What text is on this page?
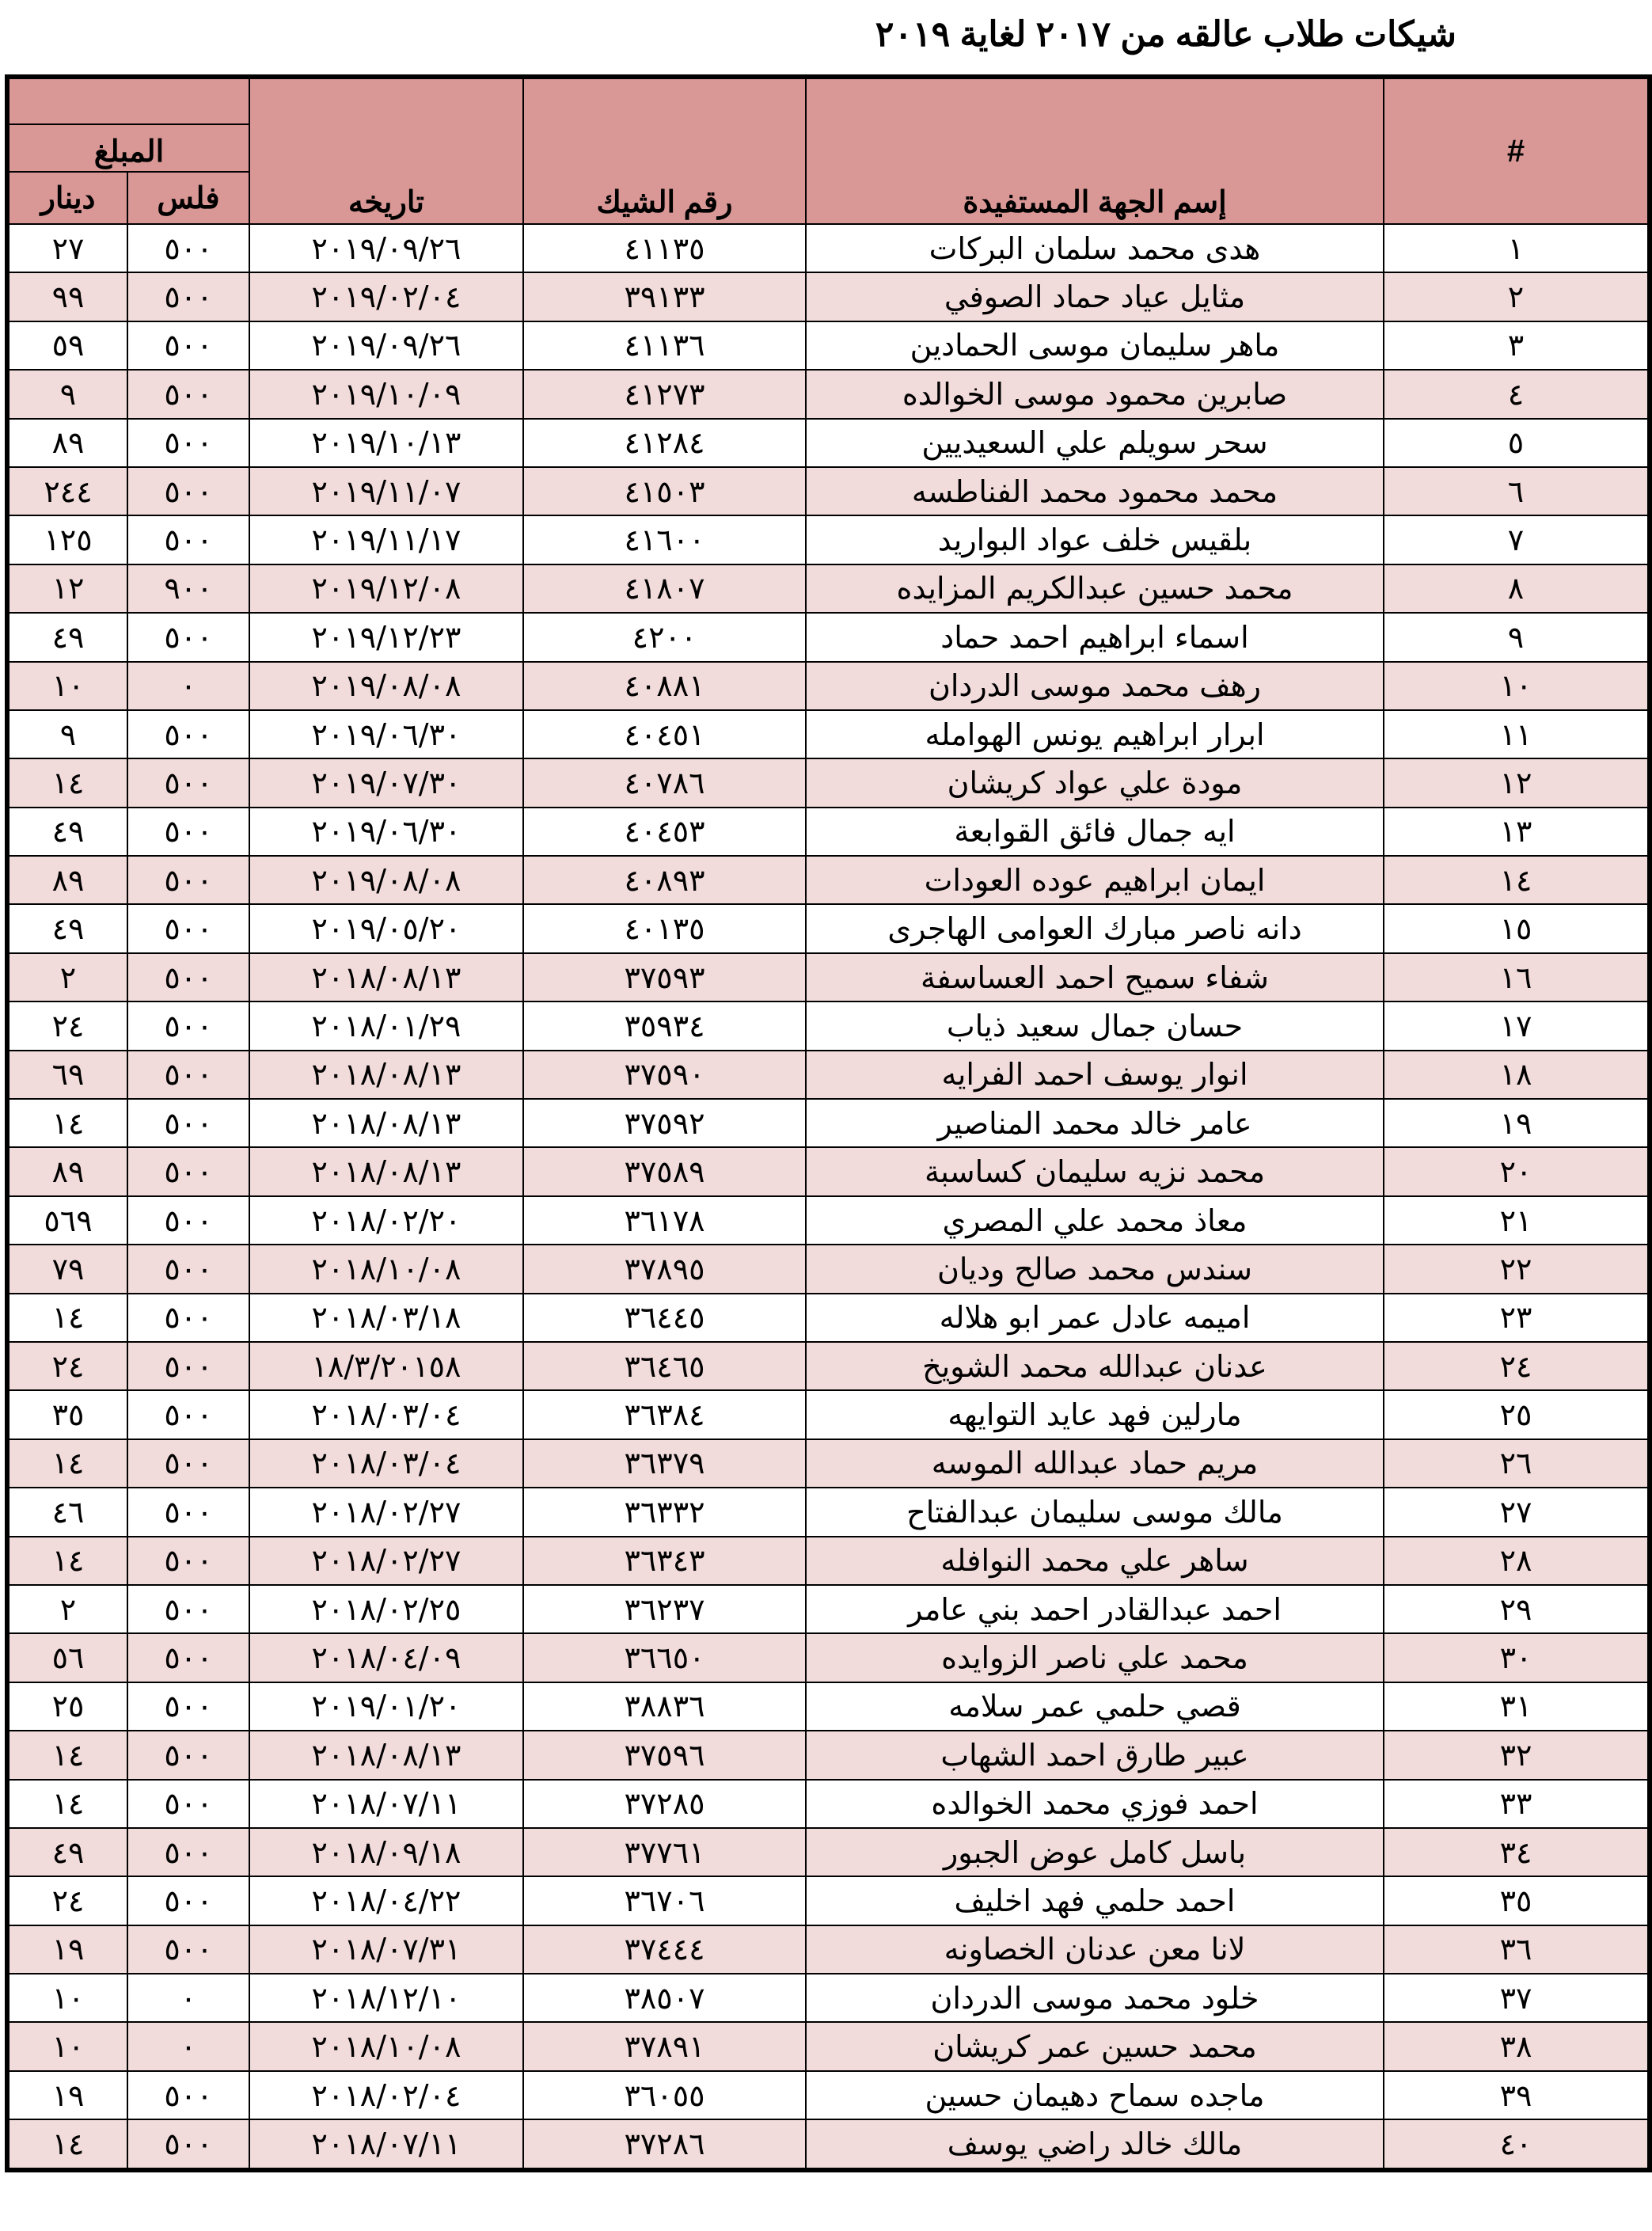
شيكات طلاب عالقه من ٢٠١٧ لغاية ٢٠١٩
		تاريخه	رقم الشيك	إسم الجهة المستفيدة	#
المبلغ					
دينار	فلس				
٢٧	٥٠٠	٢٠١٩/٠٩/٢٦	٤١١٣٥	هدى محمد سلمان البركات	١
٩٩	٥٠٠	٢٠١٩/٠٢/٠٤	٣٩١٣٣	مثايل عياد حماد الصوفي	٢
٥٩	٥٠٠	٢٠١٩/٠٩/٢٦	٤١١٣٦	ماهر سليمان موسى الحمادين	٣
٩	٥٠٠	٢٠١٩/١٠/٠٩	٤١٢٧٣	صابرين محمود موسى الخوالده	٤
٨٩	٥٠٠	٢٠١٩/١٠/١٣	٤١٢٨٤	سحر سويلم علي السعيديين	٥
٢٤٤	٥٠٠	٢٠١٩/١١/٠٧	٤١٥٠٣	محمد محمود محمد الفناطسه	٦
١٢٥	٥٠٠	٢٠١٩/١١/١٧	٤١٦٠٠	بلقيس خلف عواد البواريد	٧
١٢	٩٠٠	٢٠١٩/١٢/٠٨	٤١٨٠٧	محمد حسين عبدالكريم المزايده	٨
٤٩	٥٠٠	٢٠١٩/١٢/٢٣	٤٢٠٠	اسماء ابراهيم احمد حماد	٩
١٠	٠	٢٠١٩/٠٨/٠٨	٤٠٨٨١	رهف محمد موسى الدردان	١٠
٩	٥٠٠	٢٠١٩/٠٦/٣٠	٤٠٤٥١	ابرار ابراهيم يونس الهوامله	١١
١٤	٥٠٠	٢٠١٩/٠٧/٣٠	٤٠٧٨٦	مودة علي عواد كريشان	١٢
٤٩	٥٠٠	٢٠١٩/٠٦/٣٠	٤٠٤٥٣	ايه جمال فائق القوابعة	١٣
٨٩	٥٠٠	٢٠١٩/٠٨/٠٨	٤٠٨٩٣	ايمان ابراهيم عوده العودات	١٤
٤٩	٥٠٠	٢٠١٩/٠٥/٢٠	٤٠١٣٥	دانه ناصر مبارك العوامى الهاجرى	١٥
٢	٥٠٠	٢٠١٨/٠٨/١٣	٣٧٥٩٣	شفاء سميح احمد العساسفة	١٦
٢٤	٥٠٠	٢٠١٨/٠١/٢٩	٣٥٩٣٤	حسان جمال سعيد ذياب	١٧
٦٩	٥٠٠	٢٠١٨/٠٨/١٣	٣٧٥٩٠	انوار يوسف احمد الفرايه	١٨
١٤	٥٠٠	٢٠١٨/٠٨/١٣	٣٧٥٩٢	عامر خالد محمد المناصير	١٩
٨٩	٥٠٠	٢٠١٨/٠٨/١٣	٣٧٥٨٩	محمد نزيه سليمان كساسبة	٢٠
٥٦٩	٥٠٠	٢٠١٨/٠٢/٢٠	٣٦١٧٨	معاذ محمد علي المصري	٢١
٧٩	٥٠٠	٢٠١٨/١٠/٠٨	٣٧٨٩٥	سندس محمد صالح وديان	٢٢
١٤	٥٠٠	٢٠١٨/٠٣/١٨	٣٦٤٤٥	اميمه عادل عمر ابو هلاله	٢٣
٢٤	٥٠٠	١٨/٣/٢٠١٥٨	٣٦٤٦٥	عدنان عبدالله محمد الشويخ	٢٤
٣٥	٥٠٠	٢٠١٨/٠٣/٠٤	٣٦٣٨٤	مارلين فهد عايد التوايهه	٢٥
١٤	٥٠٠	٢٠١٨/٠٣/٠٤	٣٦٣٧٩	مريم حماد عبدالله الموسه	٢٦
٤٦	٥٠٠	٢٠١٨/٠٢/٢٧	٣٦٣٣٢	مالك موسى سليمان عبدالفتاح	٢٧
١٤	٥٠٠	٢٠١٨/٠٢/٢٧	٣٦٣٤٣	ساهر علي محمد النوافله	٢٨
٢	٥٠٠	٢٠١٨/٠٢/٢٥	٣٦٢٣٧	احمد عبدالقادر احمد بني عامر	٢٩
٥٦	٥٠٠	٢٠١٨/٠٤/٠٩	٣٦٦٥٠	محمد علي ناصر الزوايده	٣٠
٢٥	٥٠٠	٢٠١٩/٠١/٢٠	٣٨٨٣٦	قصي حلمي عمر سلامه	٣١
١٤	٥٠٠	٢٠١٨/٠٨/١٣	٣٧٥٩٦	عبير طارق احمد الشهاب	٣٢
١٤	٥٠٠	٢٠١٨/٠٧/١١	٣٧٢٨٥	احمد فوزي محمد الخوالده	٣٣
٤٩	٥٠٠	٢٠١٨/٠٩/١٨	٣٧٧٦١	باسل كامل عوض الجبور	٣٤
٢٤	٥٠٠	٢٠١٨/٠٤/٢٢	٣٦٧٠٦	احمد حلمي فهد اخليف	٣٥
١٩	٥٠٠	٢٠١٨/٠٧/٣١	٣٧٤٤٤	لانا معن عدنان الخصاونه	٣٦
١٠	٠	٢٠١٨/١٢/١٠	٣٨٥٠٧	خلود محمد موسى الدردان	٣٧
١٠	٠	٢٠١٨/١٠/٠٨	٣٧٨٩١	محمد حسين عمر كريشان	٣٨
١٩	٥٠٠	٢٠١٨/٠٢/٠٤	٣٦٠٥٥	ماجده سماح دهيمان حسين	٣٩
١٤	٥٠٠	٢٠١٨/٠٧/١١	٣٧٢٨٦	مالك خالد راضي يوسف	٤٠
